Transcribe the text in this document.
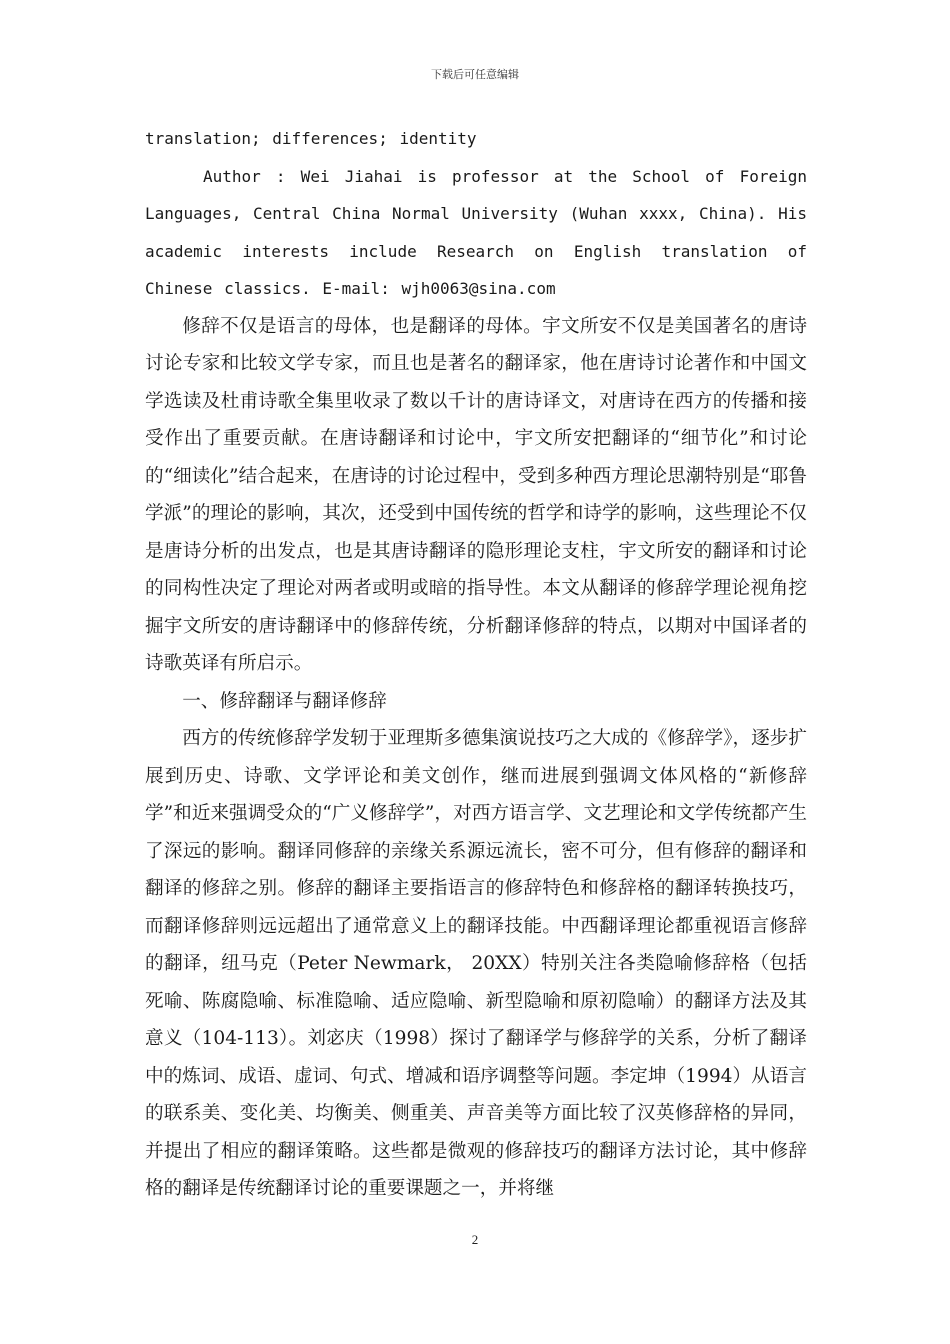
下载后可任意编辑

translation; differences; identity

Author : Wei Jiahai is professor at the School of Foreign Languages, Central China Normal University (Wuhan xxxx, China). His academic interests include Research on English translation of Chinese classics. E-mail: wjh0063@sina.com

修辞不仅是语言的母体，也是翻译的母体。宇文所安不仅是美国著名的唐诗讨论专家和比较文学专家，而且也是著名的翻译家，他在唐诗讨论著作和中国文学选读及杜甫诗歌全集里收录了数以千计的唐诗译文，对唐诗在西方的传播和接受作出了重要贡献。在唐诗翻译和讨论中，宇文所安把翻译的“细节化”和讨论的“细读化”结合起来，在唐诗的讨论过程中，受到多种西方理论思潮特别是“耶鲁学派”的理论的影响，其次，还受到中国传统的哲学和诗学的影响，这些理论不仅是唐诗分析的出发点，也是其唐诗翻译的隐形理论支柱，宇文所安的翻译和讨论的同构性决定了理论对两者或明或暗的指导性。本文从翻译的修辞学理论视角挖掘宇文所安的唐诗翻译中的修辞传统，分析翻译修辞的特点，以期对中国译者的诗歌英译有所启示。

一、修辞翻译与翻译修辞

西方的传统修辞学发轫于亚理斯多德集演说技巧之大成的《修辞学》，逐步扩展到历史、诗歌、文学评论和美文创作，继而进展到强调文体风格的“新修辞学”和近来强调受众的“广义修辞学”，对西方语言学、文艺理论和文学传统都产生了深远的影响。翻译同修辞的亲缘关系源远流长，密不可分，但有修辞的翻译和翻译的修辞之别。修辞的翻译主要指语言的修辞特色和修辞格的翻译转换技巧，而翻译修辞则远远超出了通常意义上的翻译技能。中西翻译理论都重视语言修辞的翻译，纽马克（Peter Newmark， 20XX）特别关注各类隐喻修辞格（包括死喻、陈腐隐喻、标准隐喻、适应隐喻、新型隐喻和原初隐喻）的翻译方法及其意义（104-113）。刘宓庆（1998）探讨了翻译学与修辞学的关系，分析了翻译中的炼词、成语、虚词、句式、增减和语序调整等问题。李定坤（1994）从语言的联系美、变化美、均衡美、侧重美、声音美等方面比较了汉英修辞格的异同，并提出了相应的翻译策略。这些都是微观的修辞技巧的翻译方法讨论，其中修辞格的翻译是传统翻译讨论的重要课题之一，并将继

2
